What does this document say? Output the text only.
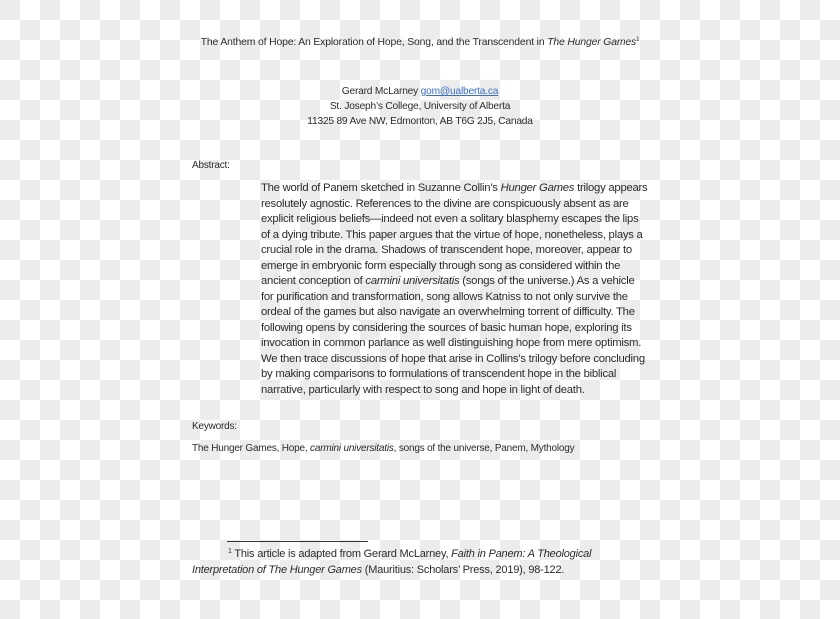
The Anthem of Hope: An Exploration of Hope, Song, and the Transcendent in The Hunger Games$^1$
Gerard McLarney gom@ualberta.ca
St. Joseph’s College, University of Alberta
11325 89 Ave NW, Edmonton, AB T6G 2J5, Canada
Abstract:
The world of Panem sketched in Suzanne Collin’s Hunger Games trilogy appears
resolutely agnostic. References to the divine are conspicuously absent as are
explicit religious beliefs—indeed not even a solitary blasphemy escapes the lips
of a dying tribute. This paper argues that the virtue of hope, nonetheless, plays a
crucial role in the drama. Shadows of transcendent hope, moreover, appear to
emerge in embryonic form especially through song as considered within the
ancient conception of carmini universitatis (songs of the universe.) As a vehicle
for purification and transformation, song allows Katniss to not only survive the
ordeal of the games but also navigate an overwhelming torrent of difficulty. The
following opens by considering the sources of basic human hope, exploring its
invocation in common parlance as well distinguishing hope from mere optimism.
We then trace discussions of hope that arise in Collins’s trilogy before concluding
by making comparisons to formulations of transcendent hope in the biblical
narrative, particularly with respect to song and hope in light of death.
Keywords:
The Hunger Games, Hope, carmini universitatis, songs of the universe, Panem, Mythology
$^1$ This article is adapted from Gerard McLarney, Faith in Panem: A Theological
Interpretation of The Hunger Games (Mauritius: Scholars’ Press, 2019), 98-122.
